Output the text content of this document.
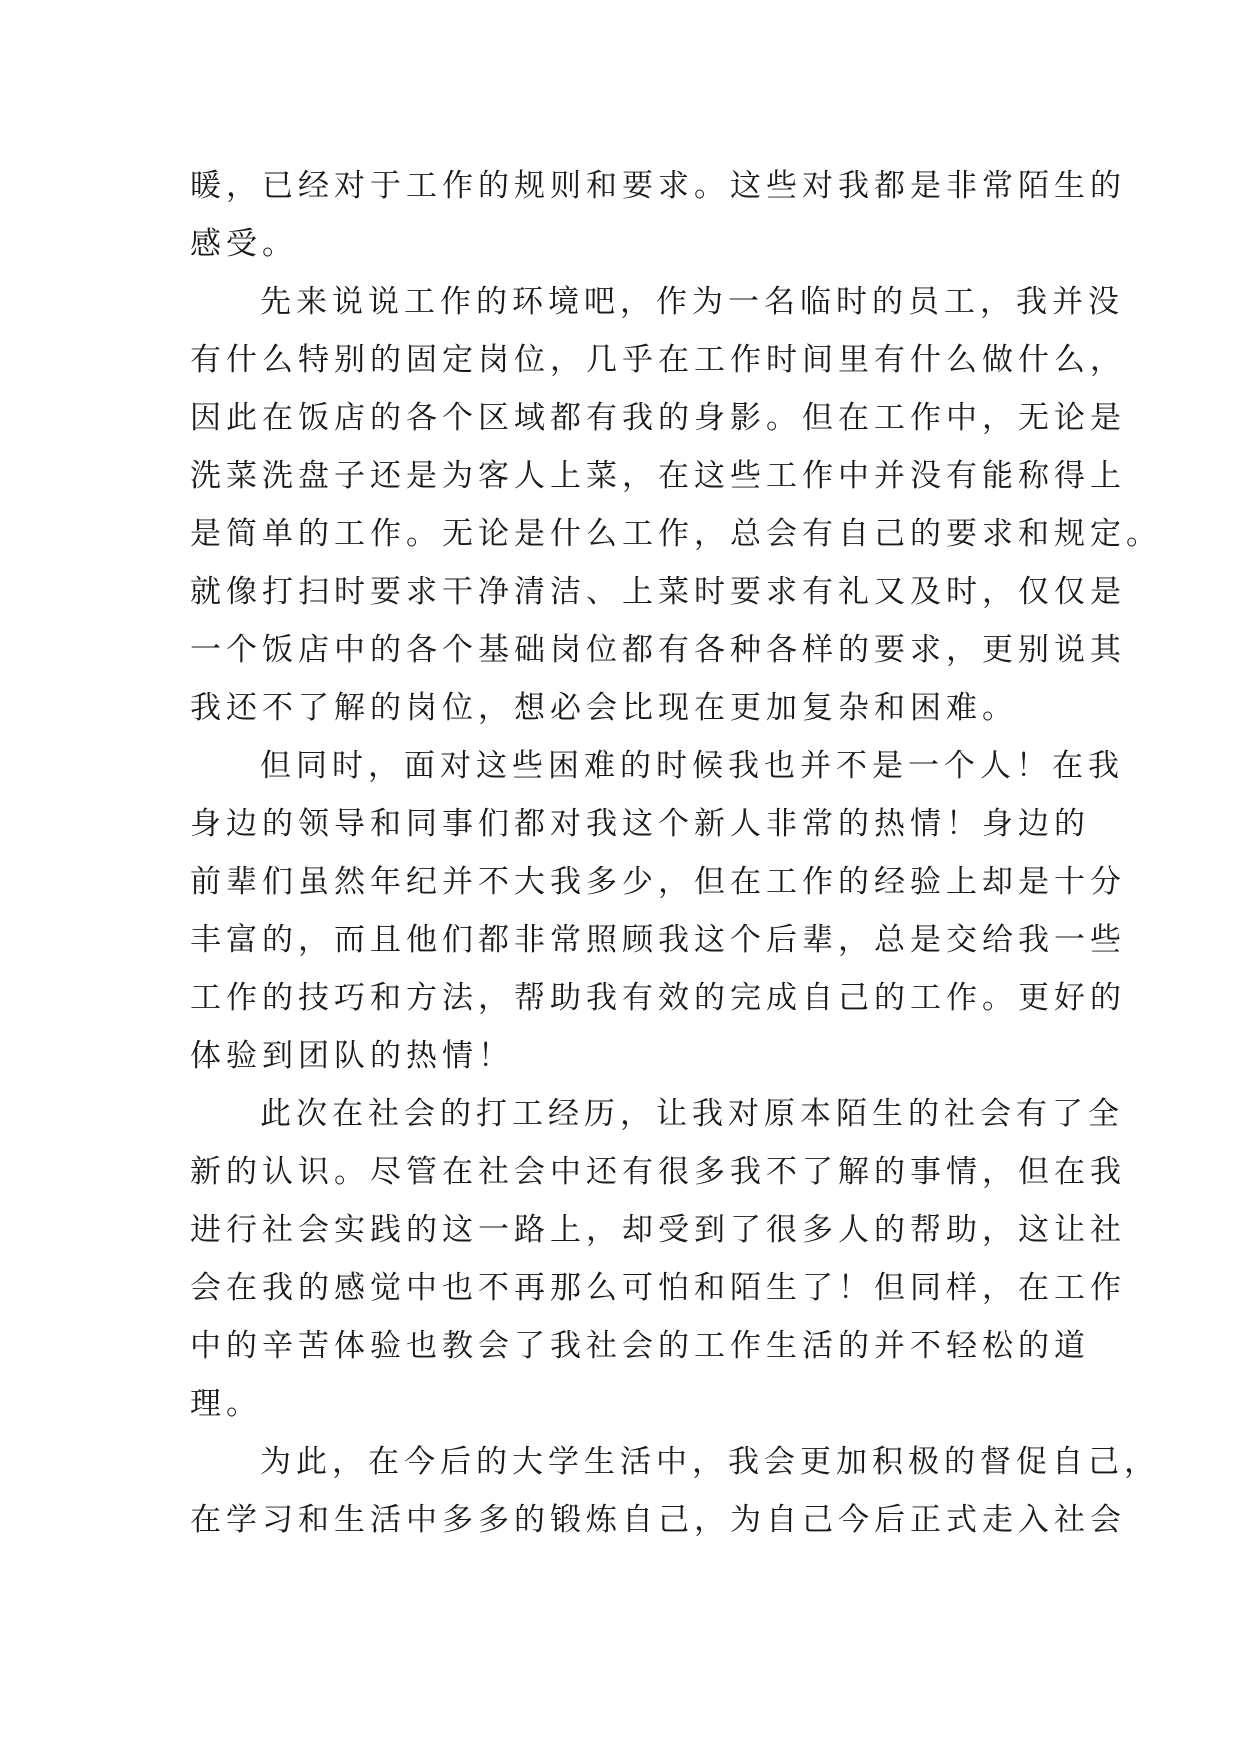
暖，已经对于工作的规则和要求。这些对我都是非常陌生的
感受。
先来说说工作的环境吧，作为一名临时的员工，我并没
有什么特别的固定岗位，几乎在工作时间里有什么做什么，
因此在饭店的各个区域都有我的身影。但在工作中，无论是
洗菜洗盘子还是为客人上菜，在这些工作中并没有能称得上
是简单的工作。无论是什么工作，总会有自己的要求和规定。
就像打扫时要求干净清洁、上菜时要求有礼又及时，仅仅是
一个饭店中的各个基础岗位都有各种各样的要求，更别说其
我还不了解的岗位，想必会比现在更加复杂和困难。
但同时，面对这些困难的时候我也并不是一个人！在我
身边的领导和同事们都对我这个新人非常的热情！身边的
前辈们虽然年纪并不大我多少，但在工作的经验上却是十分
丰富的，而且他们都非常照顾我这个后辈，总是交给我一些
工作的技巧和方法，帮助我有效的完成自己的工作。更好的
体验到团队的热情！
此次在社会的打工经历，让我对原本陌生的社会有了全
新的认识。尽管在社会中还有很多我不了解的事情，但在我
进行社会实践的这一路上，却受到了很多人的帮助，这让社
会在我的感觉中也不再那么可怕和陌生了！但同样，在工作
中的辛苦体验也教会了我社会的工作生活的并不轻松的道
理。
为此，在今后的大学生活中，我会更加积极的督促自己，
在学习和生活中多多的锻炼自己，为自己今后正式走入社会
